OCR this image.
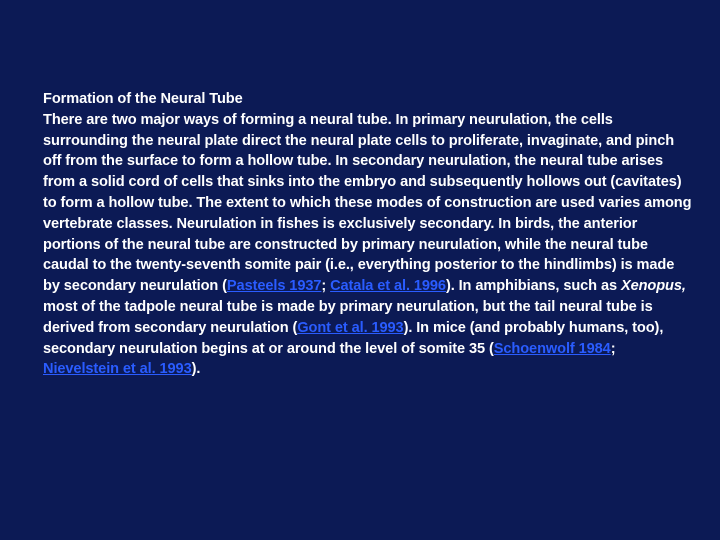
Formation of the Neural Tube
There are two major ways of forming a neural tube. In primary neurulation, the cells surrounding the neural plate direct the neural plate cells to proliferate, invaginate, and pinch off from the surface to form a hollow tube. In secondary neurulation, the neural tube arises from a solid cord of cells that sinks into the embryo and subsequently hollows out (cavitates) to form a hollow tube. The extent to which these modes of construction are used varies among vertebrate classes. Neurulation in fishes is exclusively secondary. In birds, the anterior portions of the neural tube are constructed by primary neurulation, while the neural tube caudal to the twenty-seventh somite pair (i.e., everything posterior to the hindlimbs) is made by secondary neurulation (Pasteels 1937; Catala et al. 1996). In amphibians, such as Xenopus, most of the tadpole neural tube is made by primary neurulation, but the tail neural tube is derived from secondary neurulation (Gont et al. 1993). In mice (and probably humans, too), secondary neurulation begins at or around the level of somite 35 (Schoenwolf 1984; Nievelstein et al. 1993).
